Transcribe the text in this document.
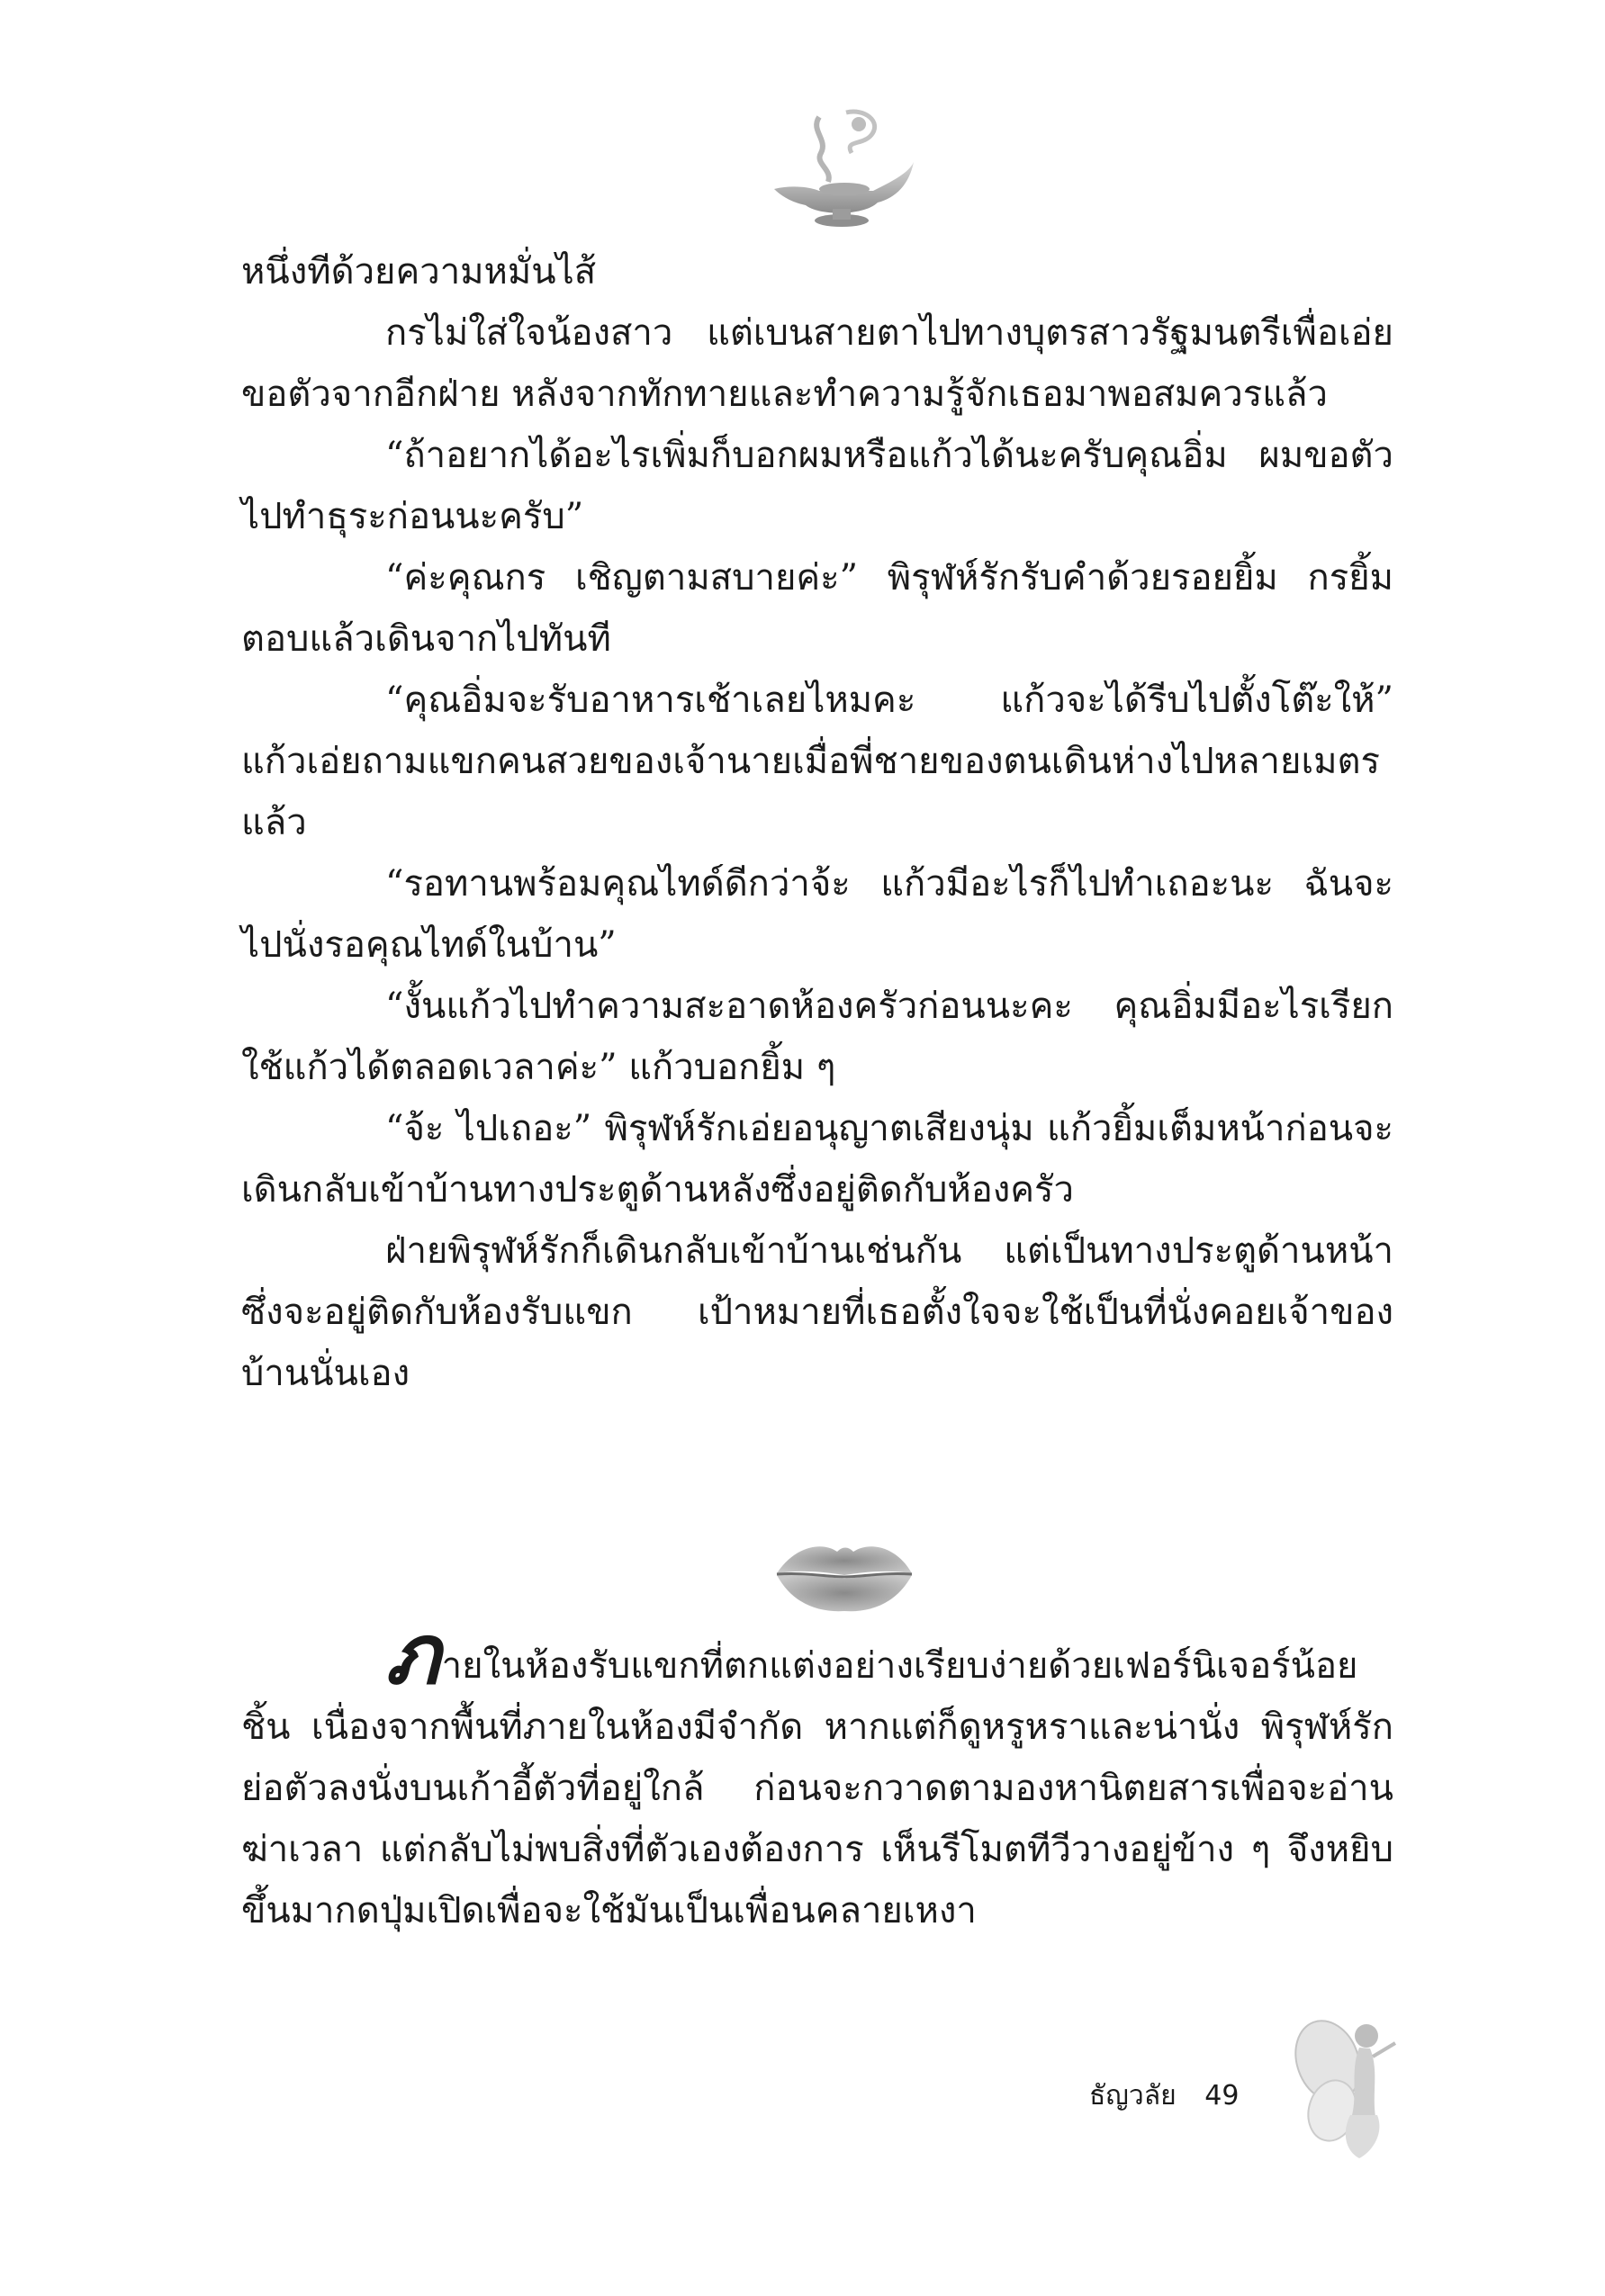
หนึ่งทีด้วยความหมั่นไส้

กรไม่ใส่ใจน้องสาว แต่เบนสายตาไปทางบุตรสาวรัฐมนตรีเพื่อเอ่ยขอตัวจากอีกฝ่าย หลังจากทักทายและทำความรู้จักเธอมาพอสมควรแล้ว

“ถ้าอยากได้อะไรเพิ่มก็บอกผมหรือแก้วได้นะครับคุณอิ่ม ผมขอตัวไปทำธุระก่อนนะครับ”

“ค่ะคุณกร เชิญตามสบายค่ะ” พิรุฬห์รักรับคำด้วยรอยยิ้ม กรยิ้มตอบแล้วเดินจากไปทันที

“คุณอิ่มจะรับอาหารเช้าเลยไหมคะ แก้วจะได้รีบไปตั้งโต๊ะให้” แก้วเอ่ยถามแขกคนสวยของเจ้านายเมื่อพี่ชายของตนเดินห่างไปหลายเมตรแล้ว

“รอทานพร้อมคุณไทด์ดีกว่าจ้ะ แก้วมีอะไรก็ไปทำเถอะนะ ฉันจะไปนั่งรอคุณไทด์ในบ้าน”

“งั้นแก้วไปทำความสะอาดห้องครัวก่อนนะคะ คุณอิ่มมีอะไรเรียกใช้แก้วได้ตลอดเวลาค่ะ” แก้วบอกยิ้ม ๆ

“จ้ะ ไปเถอะ” พิรุฬห์รักเอ่ยอนุญาตเสียงนุ่ม แก้วยิ้มเต็มหน้าก่อนจะเดินกลับเข้าบ้านทางประตูด้านหลังซึ่งอยู่ติดกับห้องครัว

ฝ่ายพิรุฬห์รักก็เดินกลับเข้าบ้านเช่นกัน แต่เป็นทางประตูด้านหน้าซึ่งจะอยู่ติดกับห้องรับแขก เป้าหมายที่เธอตั้งใจจะใช้เป็นที่นั่งคอยเจ้าของบ้านนั่นเอง

ภายในห้องรับแขกที่ตกแต่งอย่างเรียบง่ายด้วยเฟอร์นิเจอร์น้อยชิ้น เนื่องจากพื้นที่ภายในห้องมีจำกัด หากแต่ก็ดูหรูหราและน่านั่ง พิรุฬห์รักย่อตัวลงนั่งบนเก้าอี้ตัวที่อยู่ใกล้ ก่อนจะกวาดตามองหานิตยสารเพื่อจะอ่านฆ่าเวลา แต่กลับไม่พบสิ่งที่ตัวเองต้องการ เห็นรีโมตทีวีวางอยู่ข้าง ๆ จึงหยิบขึ้นมากดปุ่มเปิดเพื่อจะใช้มันเป็นเพื่อนคลายเหงา

ธัญวลัย 49
